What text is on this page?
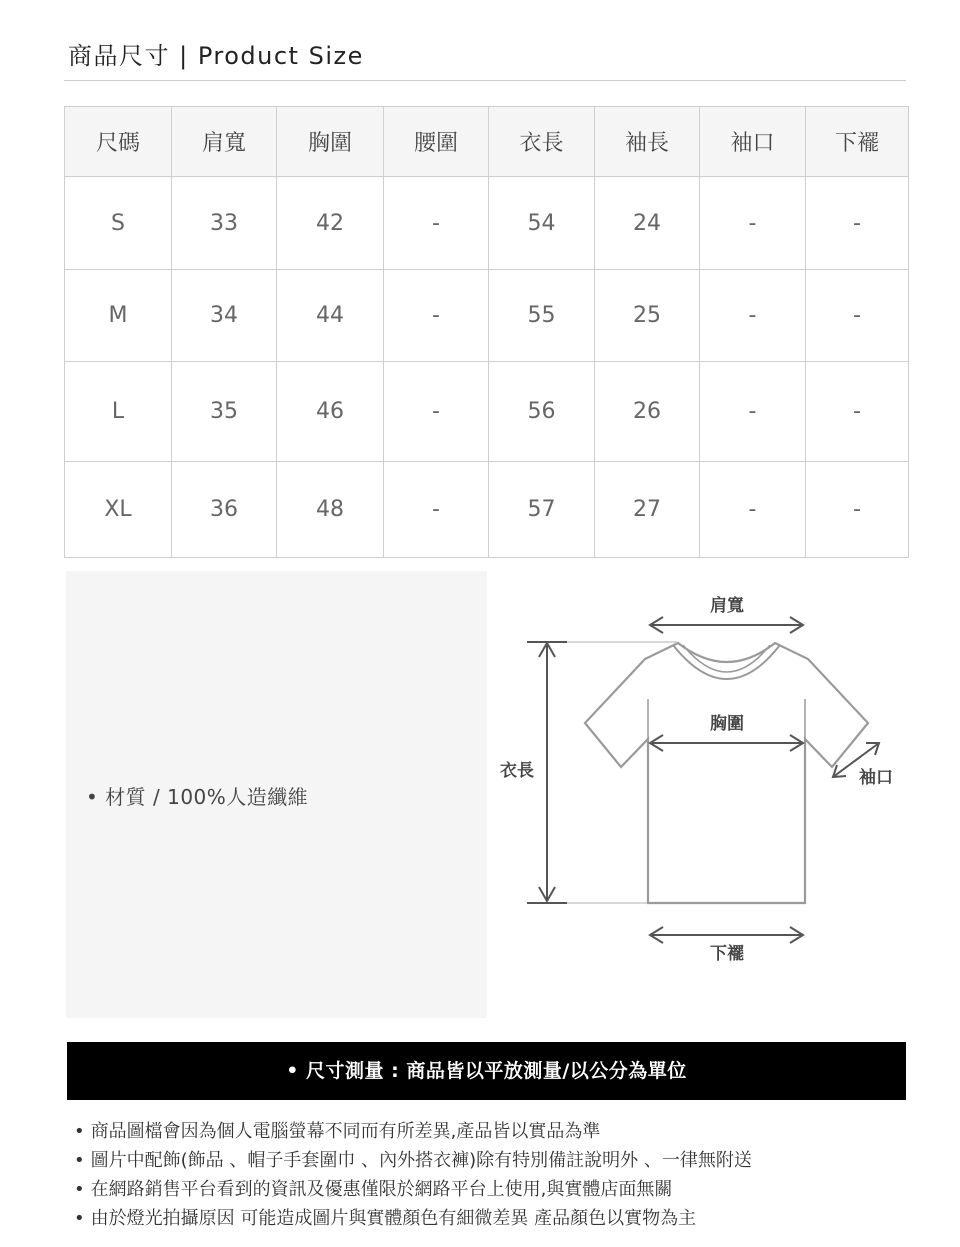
商品尺寸 | Product Size
尺碼	肩寬	胸圍	腰圍	衣長	袖長	袖口	下襬
S	33	42	-	54	24	-	-
M	34	44	-	55	25	-	-
L	35	46	-	56	26	-	-
XL	36	48	-	57	27	-	-
• 材質 / 100%人造纖維
肩寬
胸圍
衣長	袖口
下襬
• 尺寸測量 : 商品皆以平放測量/以公分為單位
• 商品圖檔會因為個人電腦螢幕不同而有所差異,產品皆以實品為準
• 圖片中配飾(飾品 、帽子手套圍巾 、內外搭衣褲)除有特別備註說明外 、一律無附送
• 在網路銷售平台看到的資訊及優惠僅限於網路平台上使用,與實體店面無關
• 由於燈光拍攝原因 可能造成圖片與實體顏色有細微差異 產品顏色以實物為主
